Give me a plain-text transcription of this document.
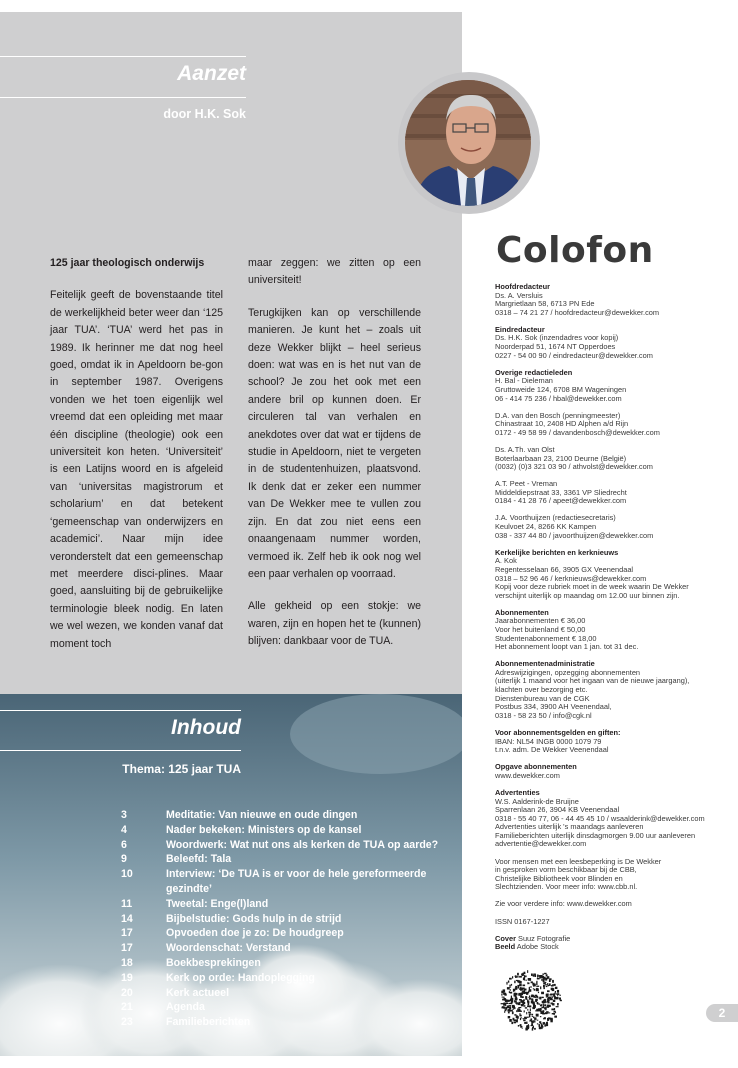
Aanzet
door H.K. Sok

125 jaar theologisch onderwijs

Feitelijk geeft de bovenstaande titel de werkelijkheid beter weer dan ‘125 jaar TUA’. ‘TUA’ werd het pas in 1989. Ik herinner me dat nog heel goed, omdat ik in Apeldoorn be-gon in september 1987. Overigens vonden we het toen eigenlijk wel vreemd dat een opleiding met maar één discipline (theologie) ook een universiteit kon heten. ‘Universiteit’ is een Latijns woord en is afgeleid van ‘universitas magistrorum et scholarium’ en dat betekent ‘gemeenschap van onderwijzers en academici’. Naar mijn idee veronderstelt dat een gemeenschap met meerdere disci-plines. Maar goed, aansluiting bij de gebruikelijke terminologie bleek nodig. En laten we wel wezen, we konden vanaf dat moment toch

maar zeggen: we zitten op een universiteit!

Terugkijken kan op verschillende manieren. Je kunt het – zoals uit deze Wekker blijkt – heel serieus doen: wat was en is het nut van de school? Je zou het ook met een andere bril op kunnen doen. Er circuleren tal van verhalen en anekdotes over dat wat er tijdens de studie in Apeldoorn, niet te vergeten in de studentenhuizen, plaatsvond. Ik denk dat er zeker een nummer van De Wekker mee te vullen zou zijn. En dat zou niet eens een onaangenaam nummer worden, vermoed ik. Zelf heb ik ook nog wel een paar verhalen op voorraad.

Alle gekheid op een stokje: we waren, zijn en hopen het te (kunnen) blijven: dankbaar voor de TUA.

Inhoud
Thema: 125 jaar TUA
3	Meditatie: Van nieuwe en oude dingen
4	Nader bekeken: Ministers op de kansel
6	Woordwerk: Wat nut ons als kerken de TUA op aarde?
9	Beleefd: Tala
10	Interview: ‘De TUA is er voor de hele gereformeerde gezindte’
11	Tweetal: Enge(l)land
14	Bijbelstudie: Gods hulp in de strijd
17	Opvoeden doe je zo: De houdgreep
17	Woordenschat: Verstand
18	Boekbesprekingen
19	Kerk op orde: Handoplegging
20	Kerk actueel
21	Agenda
23	Familieberichten
Colofon
Hoofdredacteur
Ds. A. Versluis
Margrietlaan 58, 6713 PN Ede
0318 – 74 21 27 / hoofdredacteur@dewekker.com
Eindredacteur
Ds. H.K. Sok (inzendadres voor kopij)
Noorderpad 51, 1674 NT Opperdoes
0227 - 54 00 90 / eindredacteur@dewekker.com
Overige redactieleden
H. Bal - Dieleman
Gruttoweide 124, 6708 BM Wageningen
06 - 414 75 236 / hbal@dewekker.com
D.A. van den Bosch (penningmeester)
Chinastraat 10, 2408 HD Alphen a/d Rijn
0172 - 49 58 99 / davandenbosch@dewekker.com
Ds. A.Th. van Olst
Boterlaarbaan 23, 2100 Deurne (België)
(0032) (0)3 321 03 90 / athvolst@dewekker.com
A.T. Peet - Vreman
Middeldiepstraat 33, 3361 VP Sliedrecht
0184 - 41 28 76 / apeet@dewekker.com
J.A. Voorthuijzen (redactiesecretaris)
Keulvoet 24, 8266 KK Kampen
038 - 337 44 80 / javoorthuijzen@dewekker.com
Kerkelijke berichten en kerknieuws
A. Kok
Regentesselaan 66, 3905 GX Veenendaal
0318 – 52 96 46 / kerknieuws@dewekker.com
Kopij voor deze rubriek moet in de week waarin De Wekker
verschijnt uiterlijk op maandag om 12.00 uur binnen zijn.
Abonnementen
Jaarabonnementen € 36,00
Voor het buitenland € 50,00
Studentenabonnement € 18,00
Het abonnement loopt van 1 jan. tot 31 dec.
Abonnementenadministratie
Adreswijzigingen, opzegging abonnementen
(uiterlijk 1 maand voor het ingaan van de nieuwe jaargang),
klachten over bezorging etc.
Dienstenbureau van de CGK
Postbus 334, 3900 AH Veenendaal,
0318 - 58 23 50 / info@cgk.nl
Voor abonnementsgelden en giften:
IBAN: NL54 INGB 0000 1079 79
t.n.v. adm. De Wekker Veenendaal
Opgave abonnementen
www.dewekker.com
Advertenties
W.S. Aalderink-de Bruijne
Sparrenlaan 26, 3904 KB Veenendaal
0318 - 55 40 77, 06 - 44 45 45 10 / wsaalderink@dewekker.com
Advertenties uiterlijk 's maandags aanleveren
Familieberichten uiterlijk dinsdagmorgen 9.00 uur aanleveren
advertentie@dewekker.com
Voor mensen met een leesbeperking is De Wekker
in gesproken vorm beschikbaar bij de CBB,
Christelijke Bibliotheek voor Blinden en
Slechtzienden. Voor meer info: www.cbb.nl.
Zie voor verdere info: www.dewekker.com
ISSN 0167-1227
Cover Suuz Fotografie
Beeld Adobe Stock
2
